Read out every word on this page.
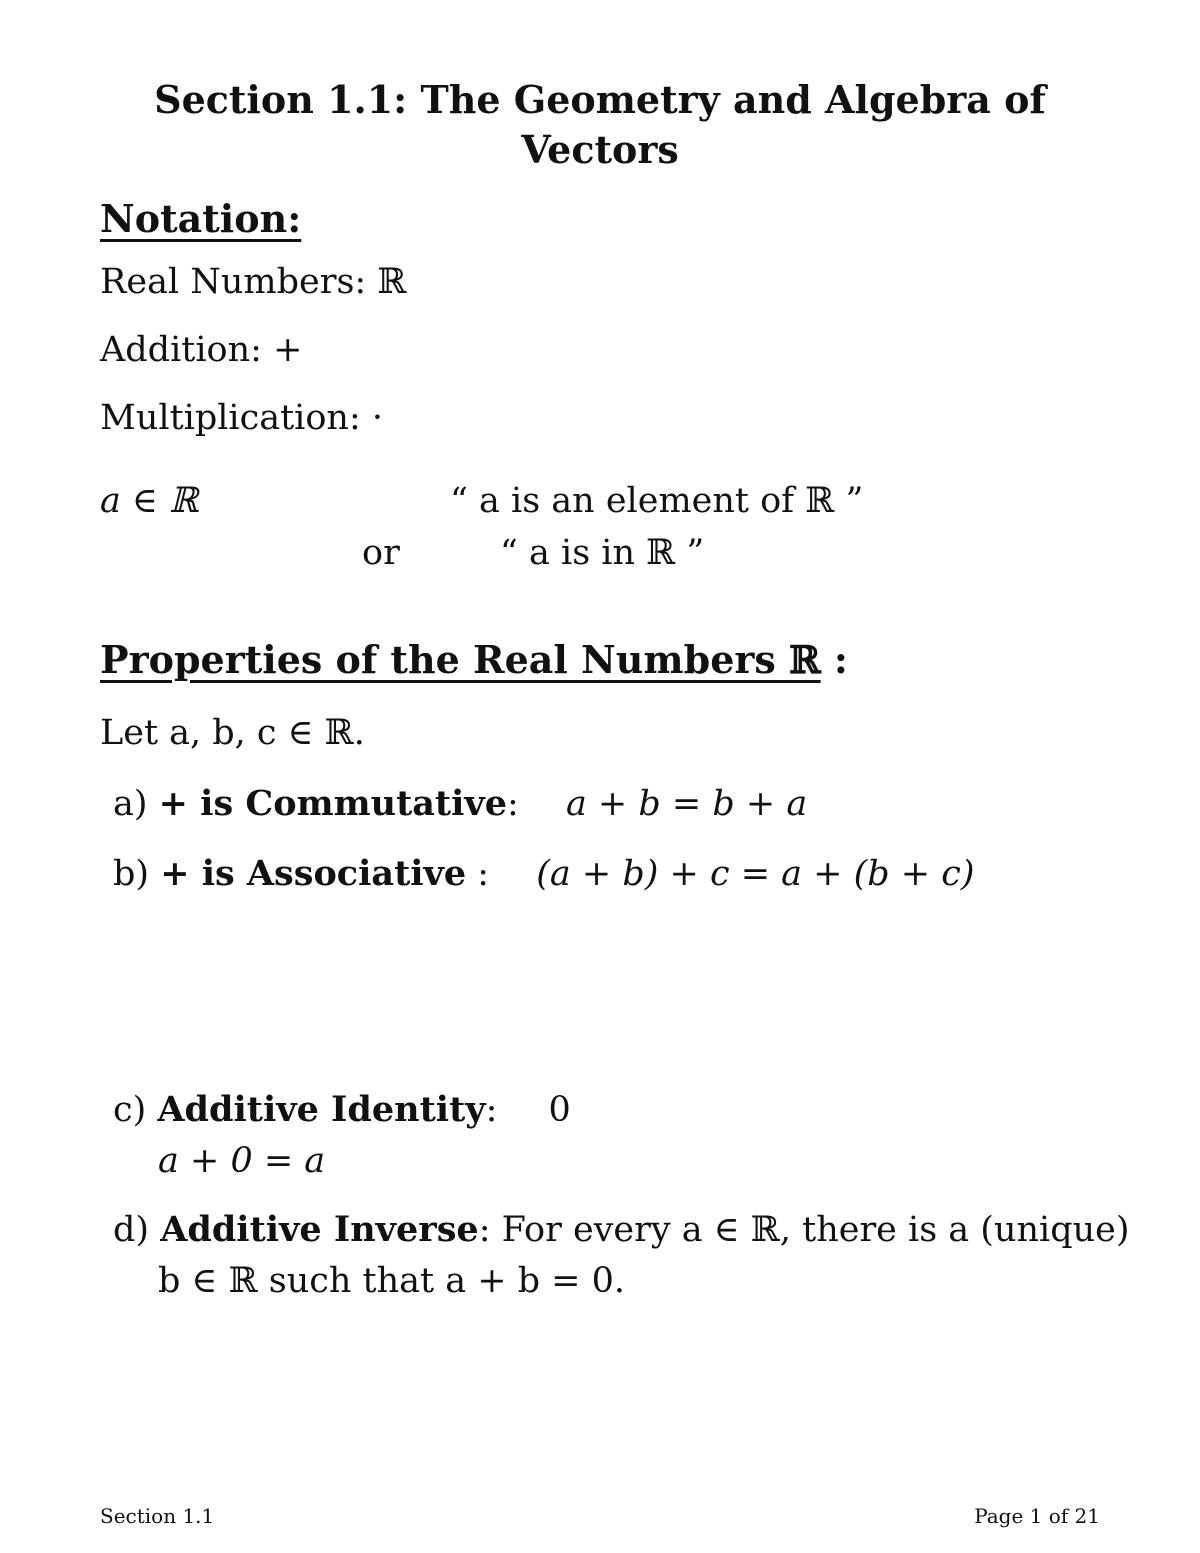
Section 1.1: The Geometry and Algebra of
Vectors
Notation:
Real Numbers: ℝ
Addition: +
Multiplication: ·
a ∈ ℝ	“ a is an element of ℝ ”
or	“ a is in ℝ ”
Properties of the Real Numbers ℝ :
Let a, b, c ∈ ℝ.
a) + is Commutative: a + b = b + a
b) + is Associative : (a + b) + c = a + (b + c)
c) Additive Identity: 0
a + 0 = a
d) Additive Inverse: For every a ∈ ℝ, there is a (unique)
b ∈ ℝ such that a + b = 0.
Section 1.1	Page 1 of 21
